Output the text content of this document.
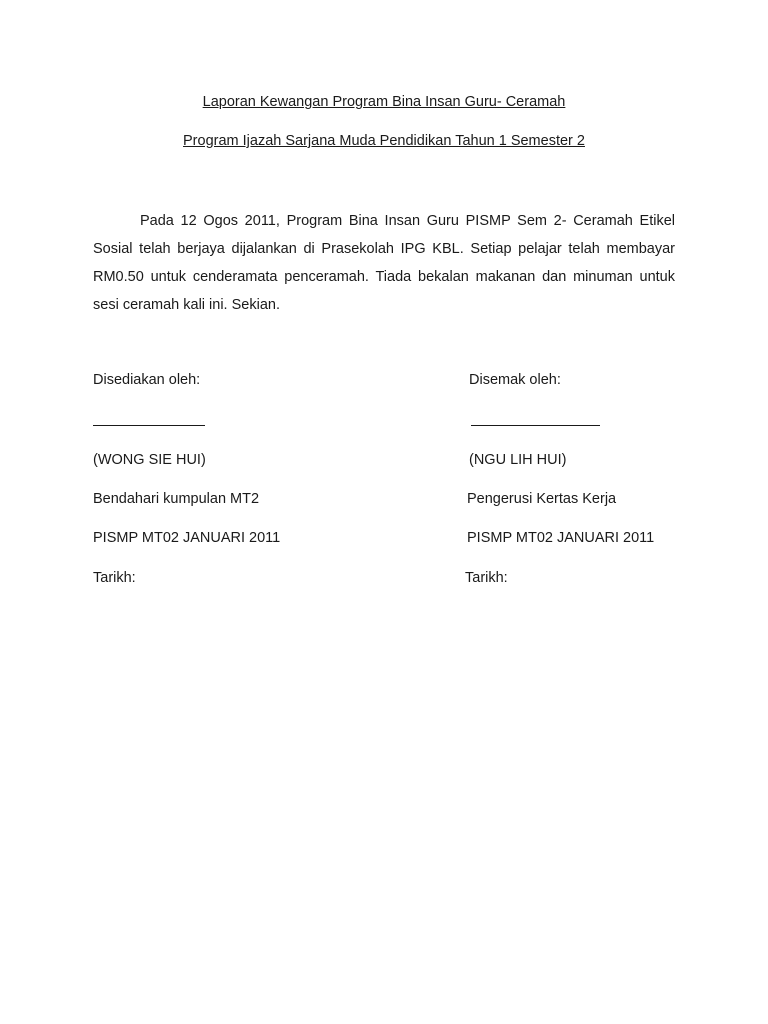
Laporan Kewangan Program Bina Insan Guru- Ceramah
Program Ijazah Sarjana Muda Pendidikan Tahun 1 Semester 2

Pada 12 Ogos 2011, Program Bina Insan Guru PISMP Sem 2- Ceramah Etikel Sosial telah berjaya dijalankan di Prasekolah IPG KBL. Setiap pelajar telah membayar RM0.50 untuk cenderamata penceramah. Tiada bekalan makanan dan minuman untuk sesi ceramah kali ini. Sekian.

Disediakan oleh:

(WONG SIE HUI)

Bendahari kumpulan MT2

PISMP MT02 JANUARI 2011

Tarikh:

Disemak oleh:

(NGU LIH HUI)

Pengerusi Kertas Kerja

PISMP MT02 JANUARI 2011

Tarikh:
